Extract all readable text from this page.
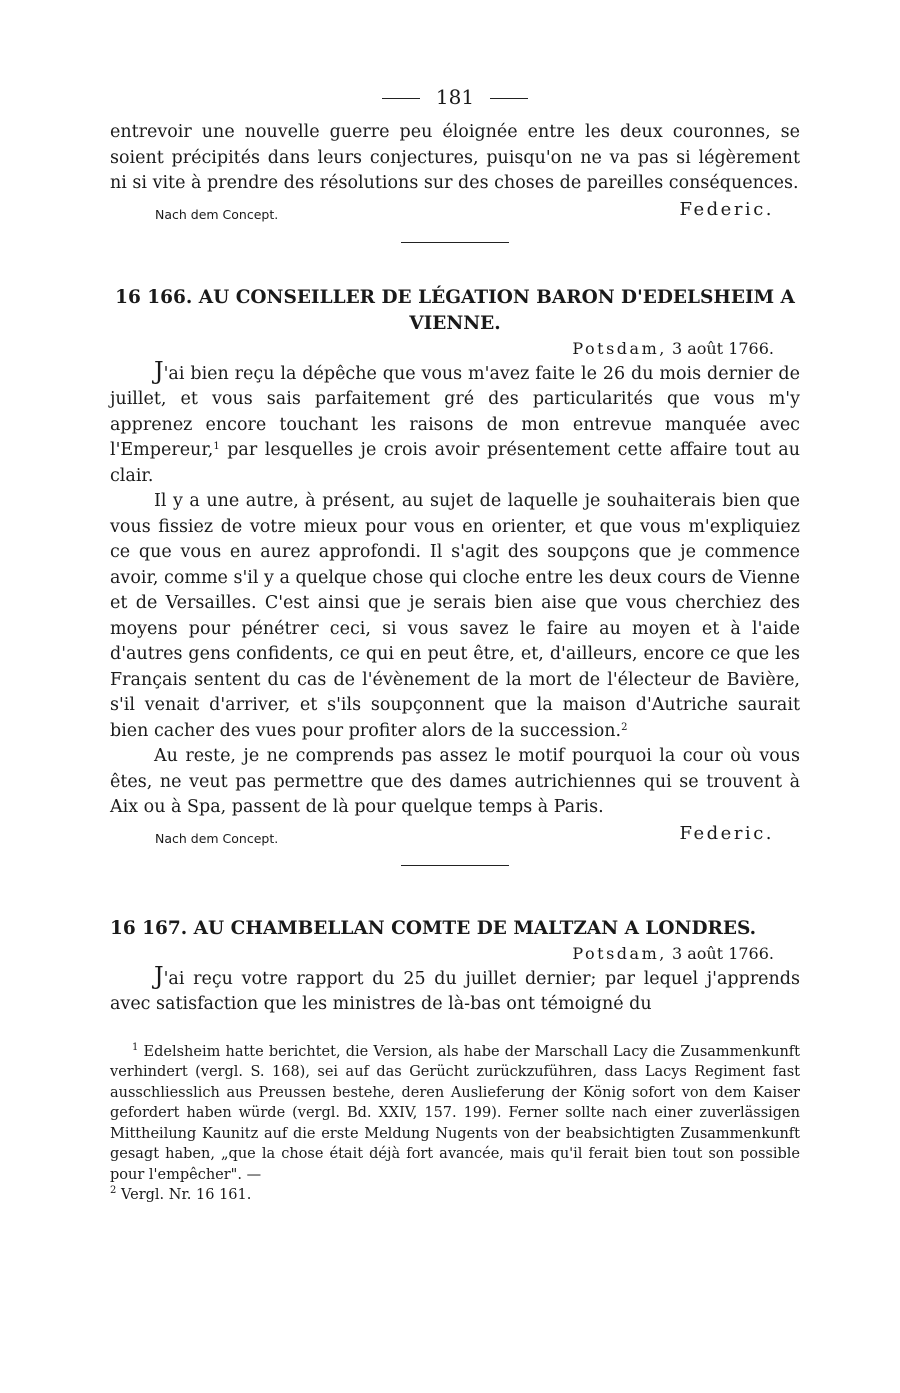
181

entrevoir une nouvelle guerre peu éloignée entre les deux couronnes, se soient précipités dans leurs conjectures, puisqu'on ne va pas si légèrement ni si vite à prendre des résolutions sur des choses de pareilles conséquences.

Nach dem Concept.	Federic.
16 166. AU CONSEILLER DE LÉGATION BARON D'EDELSHEIM A VIENNE.
Potsdam, 3 août 1766.

J'ai bien reçu la dépêche que vous m'avez faite le 26 du mois dernier de juillet, et vous sais parfaitement gré des particularités que vous m'y apprenez encore touchant les raisons de mon entrevue manquée avec l'Empereur,$^1$ par lesquelles je crois avoir présentement cette affaire tout au clair.

Il y a une autre, à présent, au sujet de laquelle je souhaiterais bien que vous fissiez de votre mieux pour vous en orienter, et que vous m'expliquiez ce que vous en aurez approfondi. Il s'agit des soupçons que je commence avoir, comme s'il y a quelque chose qui cloche entre les deux cours de Vienne et de Versailles. C'est ainsi que je serais bien aise que vous cherchiez des moyens pour pénétrer ceci, si vous savez le faire au moyen et à l'aide d'autres gens confidents, ce qui en peut être, et, d'ailleurs, encore ce que les Français sentent du cas de l'évènement de la mort de l'électeur de Bavière, s'il venait d'arriver, et s'ils soupçonnent que la maison d'Autriche saurait bien cacher des vues pour profiter alors de la succession.$^2$

Au reste, je ne comprends pas assez le motif pourquoi la cour où vous êtes, ne veut pas permettre que des dames autrichiennes qui se trouvent à Aix ou à Spa, passent de là pour quelque temps à Paris.

Nach dem Concept.	Federic.
16 167. AU CHAMBELLAN COMTE DE MALTZAN A LONDRES.
Potsdam, 3 août 1766.

J'ai reçu votre rapport du 25 du juillet dernier; par lequel j'apprends avec satisfaction que les ministres de là-bas ont témoigné du

$^1$ Edelsheim hatte berichtet, die Version, als habe der Marschall Lacy die Zusammenkunft verhindert (vergl. S. 168), sei auf das Gerücht zurückzuführen, dass Lacys Regiment fast ausschliesslich aus Preussen bestehe, deren Auslieferung der König sofort von dem Kaiser gefordert haben würde (vergl. Bd. XXIV, 157. 199). Ferner sollte nach einer zuverlässigen Mittheilung Kaunitz auf die erste Meldung Nugents von der beabsichtigten Zusammenkunft gesagt haben, „que la chose était déjà fort avancée, mais qu'il ferait bien tout son possible pour l'empêcher". —
$^2$ Vergl. Nr. 16 161.
